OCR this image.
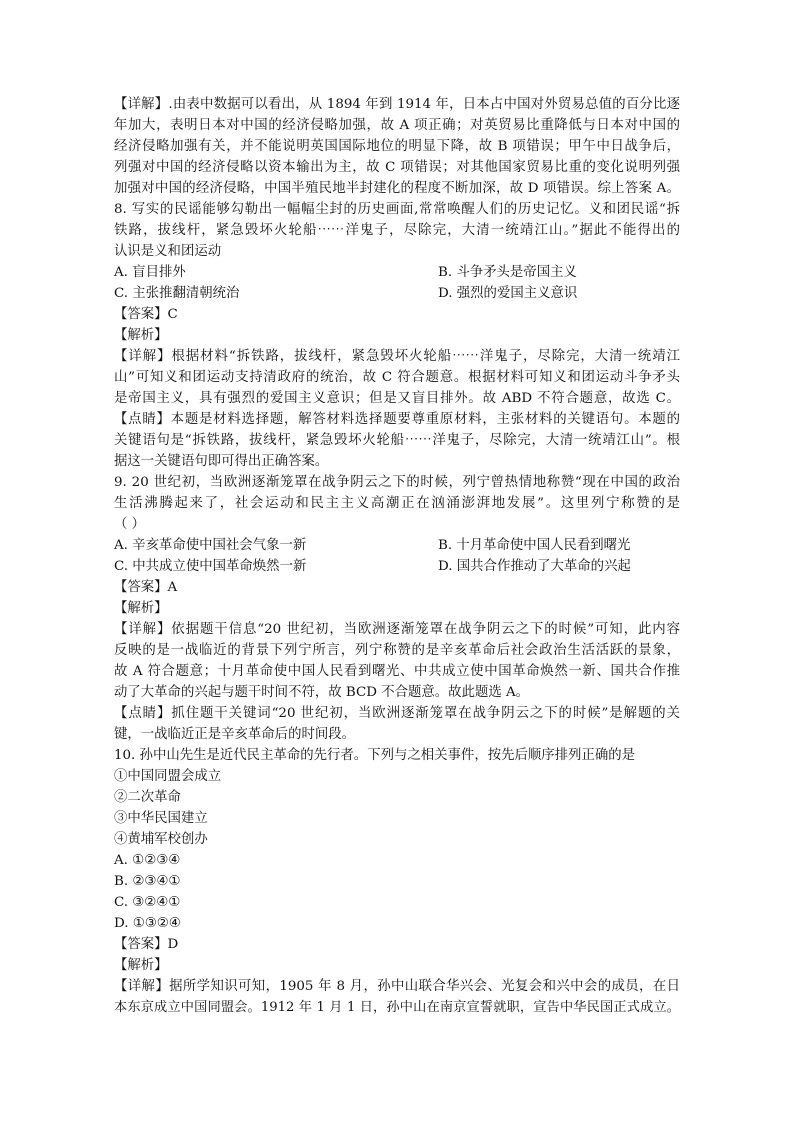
【详解】.由表中数据可以看出，从 1894 年到 1914 年，日本占中国对外贸易总值的百分比逐
年加大，表明日本对中国的经济侵略加强，故 A 项正确；对英贸易比重降低与日本对中国的
经济侵略加强有关，并不能说明英国国际地位的明显下降，故 B 项错误；甲午中日战争后，
列强对中国的经济侵略以资本输出为主，故 C 项错误；对其他国家贸易比重的变化说明列强
加强对中国的经济侵略，中国半殖民地半封建化的程度不断加深，故 D 项错误。综上答案 A。
8. 写实的民谣能够勾勒出一幅幅尘封的历史画面,常常唤醒人们的历史记忆。义和团民谣“拆
铁路，拔线杆，紧急毁坏火轮船⋯⋯洋鬼子，尽除完，大清一统靖江山。”据此不能得出的
认识是义和团运动
A. 盲目排外	B. 斗争矛头是帝国主义
C. 主张推翻清朝统治	D. 强烈的爱国主义意识
【答案】C
【解析】
【详解】根据材料“拆铁路，拔线杆，紧急毁坏火轮船⋯⋯洋鬼子，尽除完，大清一统靖江
山”可知义和团运动支持清政府的统治，故 C 符合题意。根据材料可知义和团运动斗争矛头
是帝国主义，具有强烈的爱国主义意识；但是又盲目排外。故 ABD 不符合题意，故选 C。
【点睛】本题是材料选择题，解答材料选择题要尊重原材料，主张材料的关键语句。本题的
关键语句是“拆铁路，拔线杆，紧急毁坏火轮船⋯⋯洋鬼子，尽除完，大清一统靖江山”。根
据这一关键语句即可得出正确答案。
9. 20 世纪初，当欧洲逐渐笼罩在战争阴云之下的时候，列宁曾热情地称赞“现在中国的政治
生活沸腾起来了，社会运动和民主主义高潮正在汹涌澎湃地发展”。这里列宁称赞的是
（ ）
A. 辛亥革命使中国社会气象一新	B. 十月革命使中国人民看到曙光
C. 中共成立使中国革命焕然一新	D. 国共合作推动了大革命的兴起
【答案】A
【解析】
【详解】依据题干信息“20 世纪初，当欧洲逐渐笼罩在战争阴云之下的时候”可知，此内容
反映的是一战临近的背景下列宁所言，列宁称赞的是辛亥革命后社会政治生活活跃的景象，
故 A 符合题意；十月革命使中国人民看到曙光、中共成立使中国革命焕然一新、国共合作推
动了大革命的兴起与题干时间不符，故 BCD 不合题意。故此题选 A。
【点睛】抓住题干关键词“20 世纪初，当欧洲逐渐笼罩在战争阴云之下的时候”是解题的关
键，一战临近正是辛亥革命后的时间段。
10. 孙中山先生是近代民主革命的先行者。下列与之相关事件，按先后顺序排列正确的是
①中国同盟会成立
②二次革命
③中华民国建立
④黄埔军校创办
A. ①②③④
B. ②③④①
C. ③②④①
D. ①③②④
【答案】D
【解析】
【详解】据所学知识可知，1905 年 8 月，孙中山联合华兴会、光复会和兴中会的成员，在日
本东京成立中国同盟会。1912 年 1 月 1 日，孙中山在南京宣誓就职，宣告中华民国正式成立。
